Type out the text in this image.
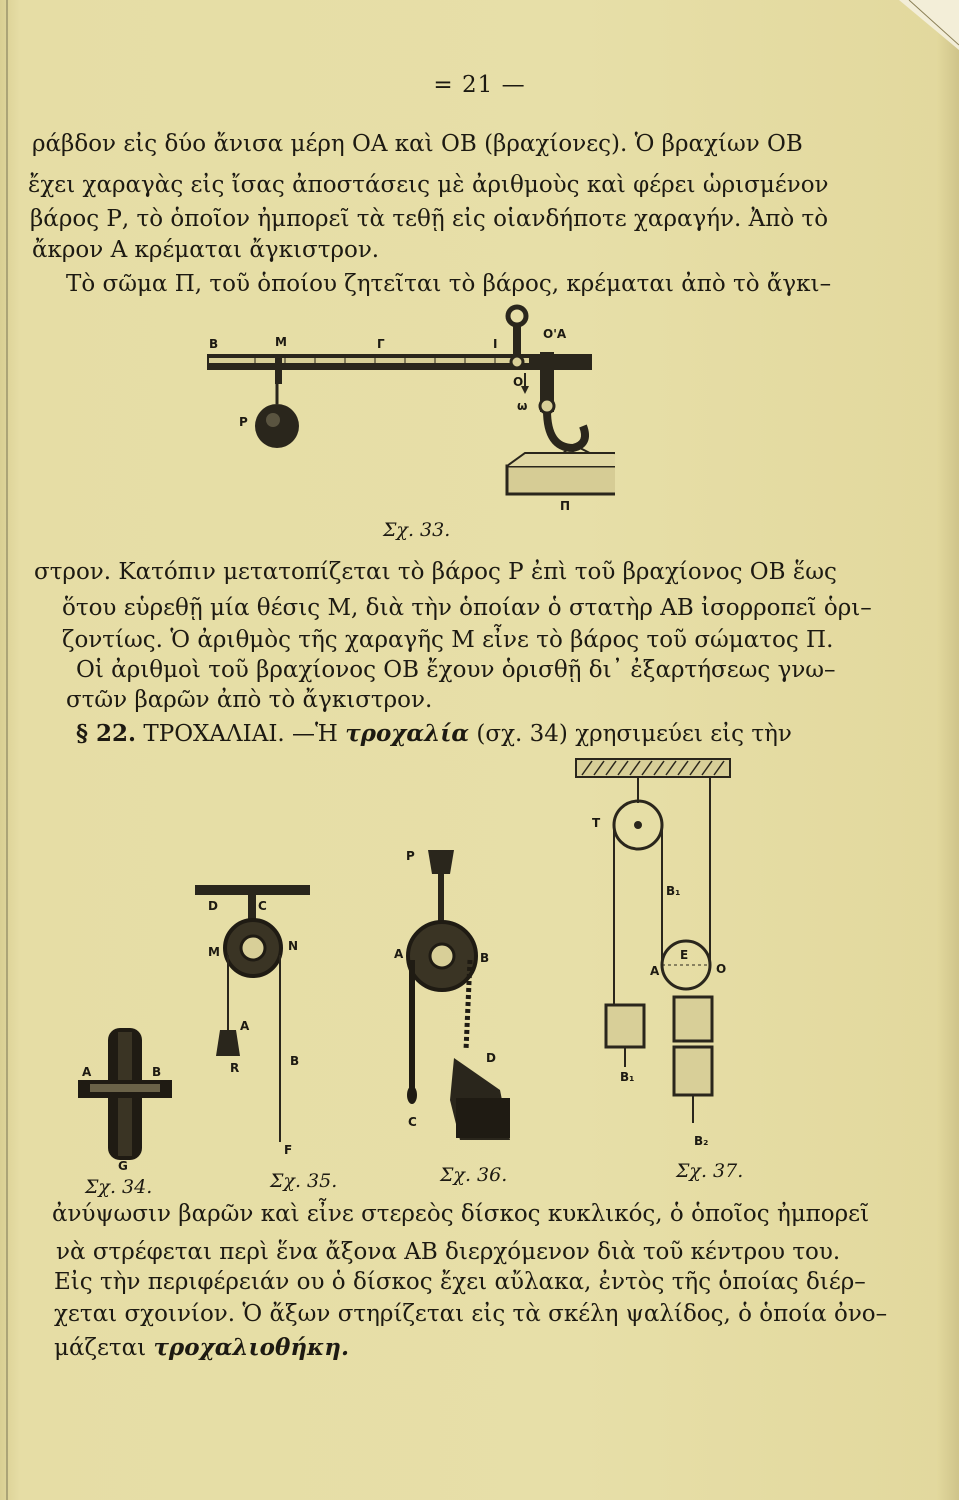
= 21 —
ράβδον εἰς δύο ἄνισα μέρη ΟΑ καὶ ΟΒ (βραχίονες). Ὁ βραχίων ΟΒ
ἔχει χαραγὰς εἰς ἴσας ἀποστάσεις μὲ ἀριθμοὺς καὶ φέρει ὡρισμένον
βάρος Ρ, τὸ ὁποῖον ἠμπορεῖ τὰ τεθῇ εἰς οἱανδήποτε χαραγήν. Ἀπὸ τὸ
ἄκρον Α κρέμαται ἄγκιστρον.
Τὸ σῶμα Π, τοῦ ὁποίου ζητεῖται τὸ βάρος, κρέμαται ἀπὸ τὸ ἄγκι–
B	M	Γ	I
O'A
O
ω
P
Π
Σχ. 33.
στρον. Κατόπιν μετατοπίζεται τὸ βάρος Ρ ἐπὶ τοῦ βραχίονος ΟΒ ἕως
ὅτου εὑρεθῇ μία θέσις Μ, διὰ τὴν ὁποίαν ὁ στατὴρ ΑΒ ἰσορροπεῖ ὁρι–
ζοντίως. Ὁ ἀριθμὸς τῆς χαραγῆς Μ εἶνε τὸ βάρος τοῦ σώματος Π.
Οἱ ἀριθμοὶ τοῦ βραχίονος ΟΒ ἔχουν ὁρισθῇ δι᾽ ἐξαρτήσεως γνω–
στῶν βαρῶν ἀπὸ τὸ ἄγκιστρον.
§ 22. ΤΡΟΧΑΛΙΑΙ. —Ἡ τροχαλία (σχ. 34) χρησιμεύει εἰς τὴν
A	B
G
Σχ. 34.
D	C
M	N
A
R	B
F
Σχ. 35.
P
A	B
D
C
Σχ. 36.
T
B₁
E
A	O
B₁
B₂
Σχ. 37.
ἀνύψωσιν βαρῶν καὶ εἶνε στερεὸς δίσκος κυκλικός, ὁ ὁποῖος ἠμπορεῖ
νὰ στρέφεται περὶ ἕνα ἄξονα ΑΒ διερχόμενον διὰ τοῦ κέντρου του.
Εἰς τὴν περιφέρειάν ου ὁ δίσκος ἔχει αὔλακα, ἐντὸς τῆς ὁποίας διέρ–
χεται σχοινίον. Ὁ ἄξων στηρίζεται εἰς τὰ σκέλη ψαλίδος, ὁ ὁποία ὀνο–
μάζεται τροχαλιοθήκη.
